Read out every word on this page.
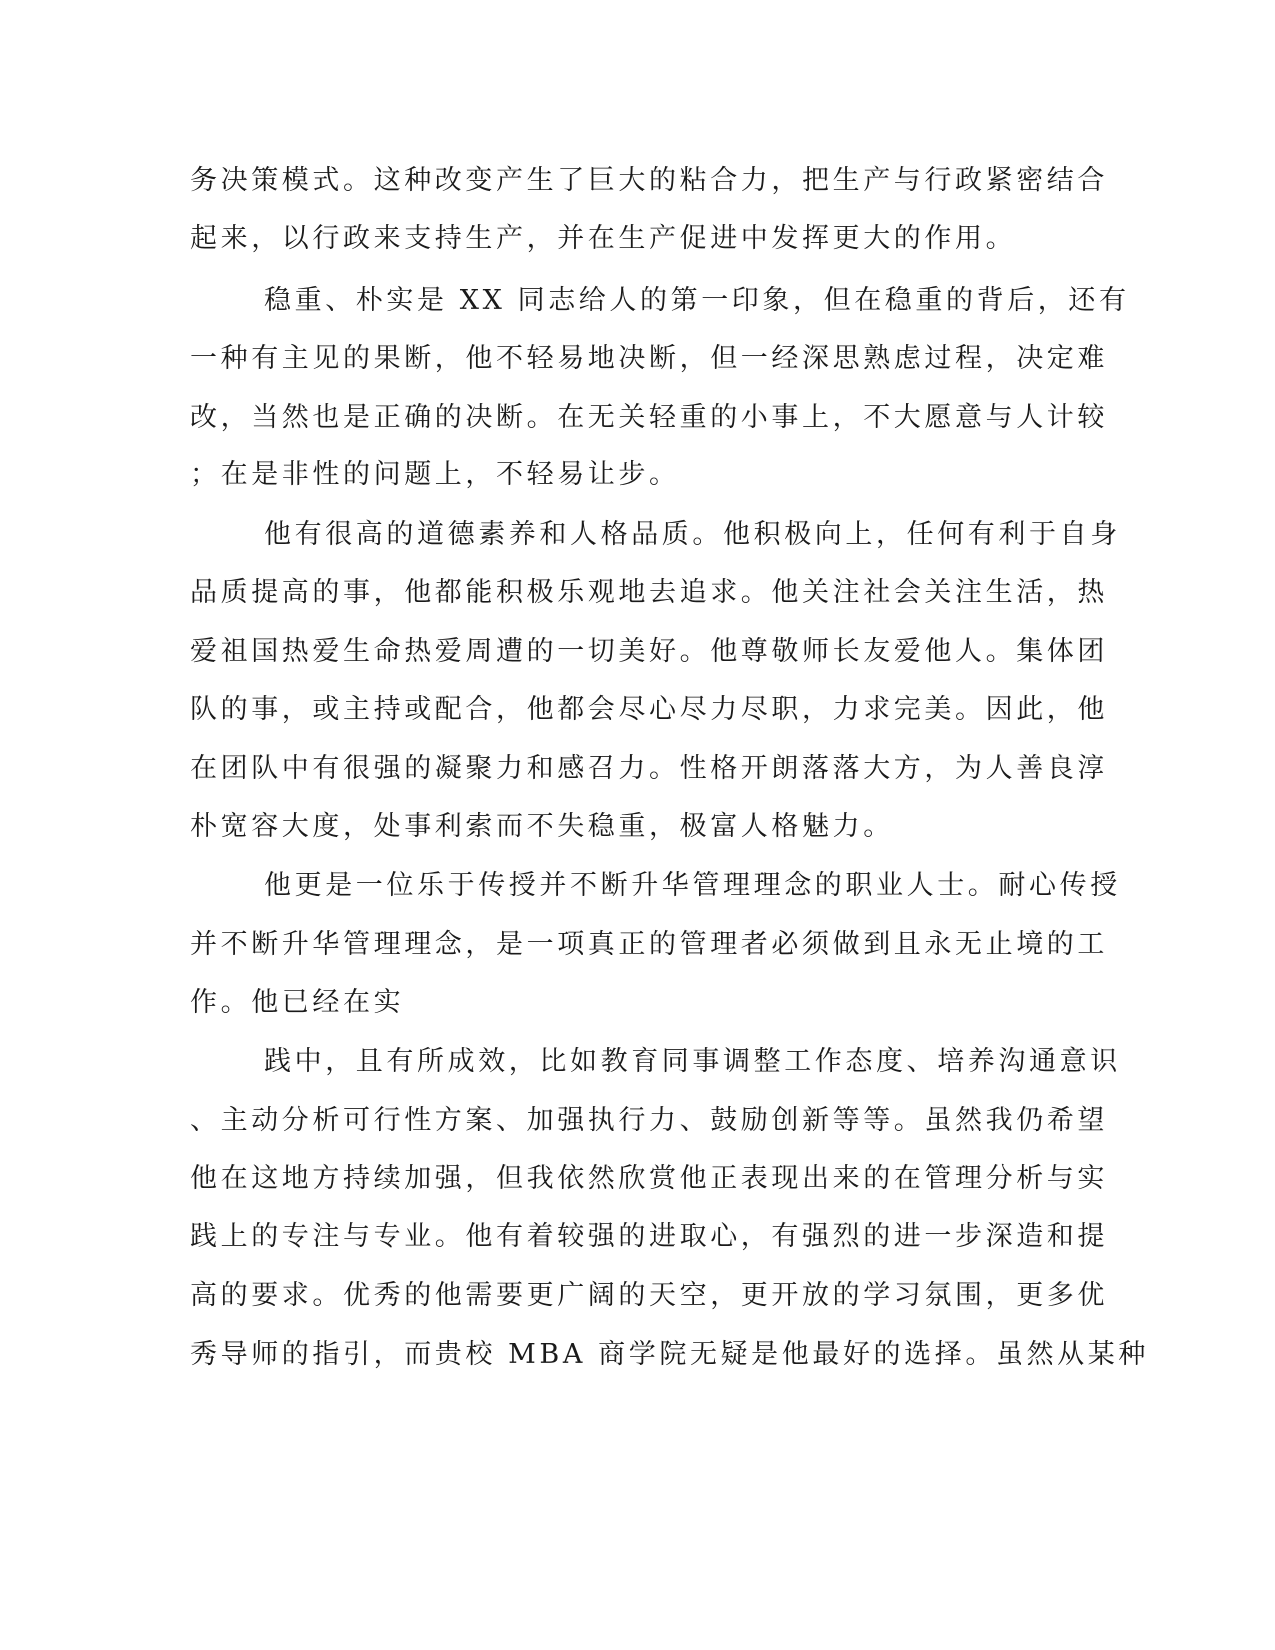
务决策模式。这种改变产生了巨大的粘合力，把生产与行政紧密结合
起来，以行政来支持生产，并在生产促进中发挥更大的作用。
稳重、朴实是 XX 同志给人的第一印象，但在稳重的背后，还有
一种有主见的果断，他不轻易地决断，但一经深思熟虑过程，决定难
改，当然也是正确的决断。在无关轻重的小事上，不大愿意与人计较
；在是非性的问题上，不轻易让步。
他有很高的道德素养和人格品质。他积极向上，任何有利于自身
品质提高的事，他都能积极乐观地去追求。他关注社会关注生活，热
爱祖国热爱生命热爱周遭的一切美好。他尊敬师长友爱他人。集体团
队的事，或主持或配合，他都会尽心尽力尽职，力求完美。因此，他
在团队中有很强的凝聚力和感召力。性格开朗落落大方，为人善良淳
朴宽容大度，处事利索而不失稳重，极富人格魅力。
他更是一位乐于传授并不断升华管理理念的职业人士。耐心传授
并不断升华管理理念，是一项真正的管理者必须做到且永无止境的工
作。他已经在实
践中，且有所成效，比如教育同事调整工作态度、培养沟通意识
、主动分析可行性方案、加强执行力、鼓励创新等等。虽然我仍希望
他在这地方持续加强，但我依然欣赏他正表现出来的在管理分析与实
践上的专注与专业。他有着较强的进取心，有强烈的进一步深造和提
高的要求。优秀的他需要更广阔的天空，更开放的学习氛围，更多优
秀导师的指引，而贵校 MBA 商学院无疑是他最好的选择。虽然从某种
